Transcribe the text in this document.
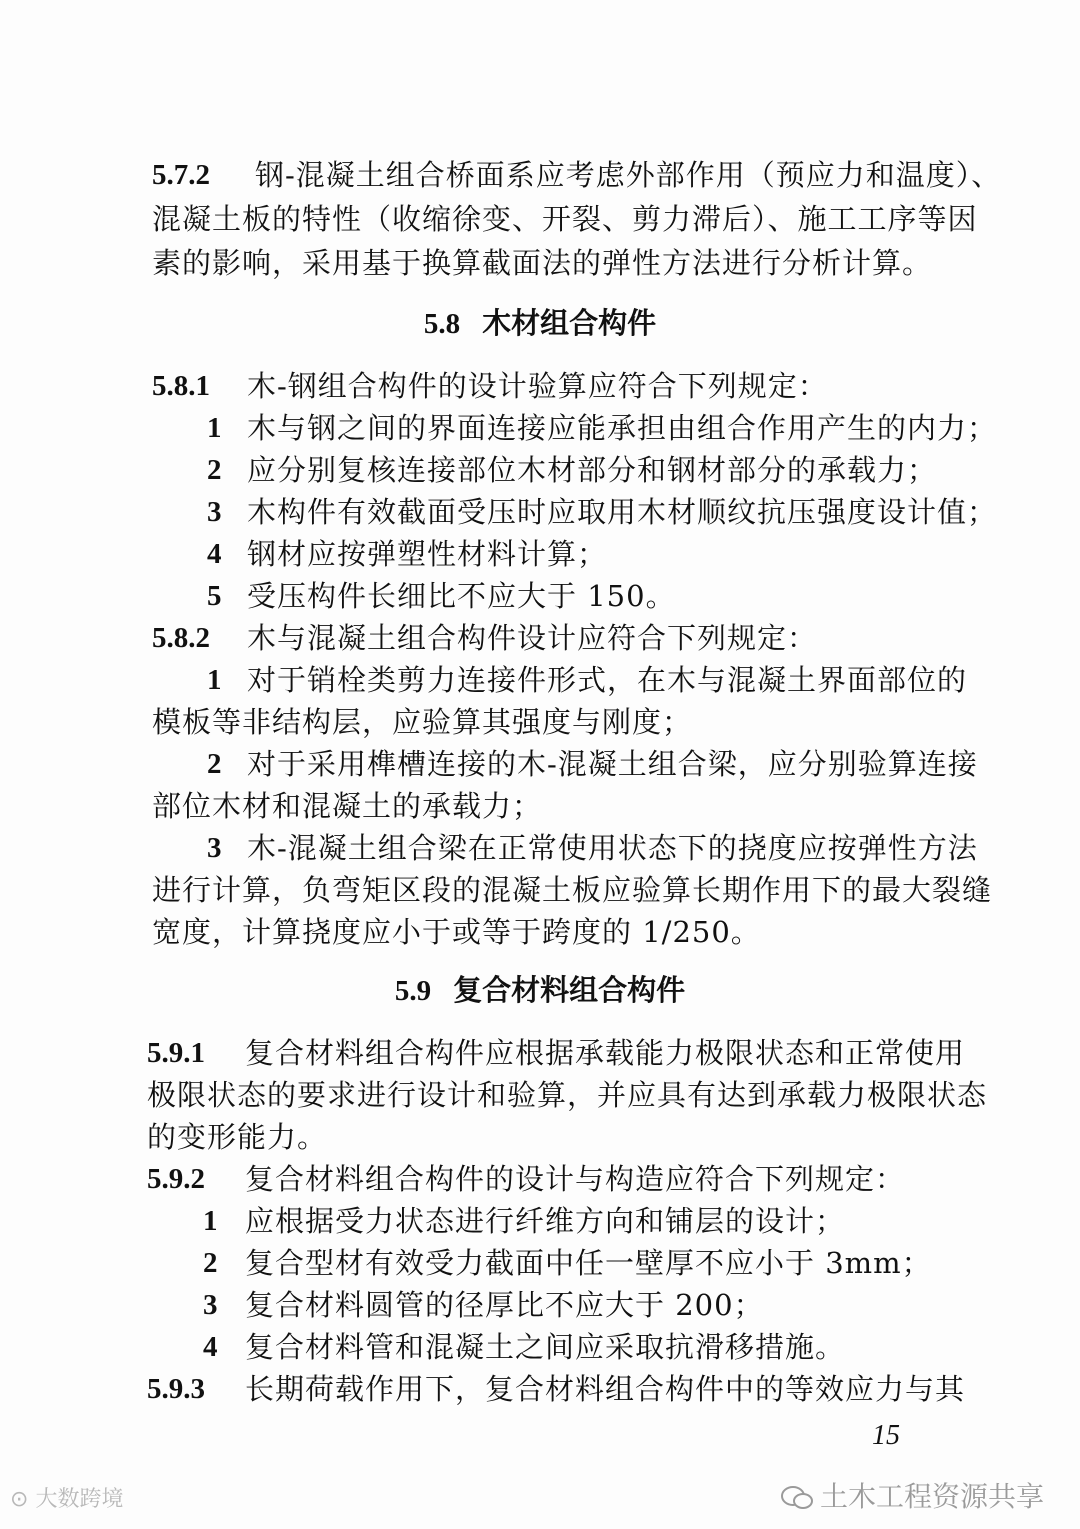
5.7.2 钢-混凝土组合桥面系应考虑外部作用（预应力和温度）、
混凝土板的特性（收缩徐变、开裂、剪力滞后）、施工工序等因
素的影响，采用基于换算截面法的弹性方法进行分析计算。
5.8 木材组合构件
5.8.1 木-钢组合构件的设计验算应符合下列规定：
1 木与钢之间的界面连接应能承担由组合作用产生的内力；
2 应分别复核连接部位木材部分和钢材部分的承载力；
3 木构件有效截面受压时应取用木材顺纹抗压强度设计值；
4 钢材应按弹塑性材料计算；
5 受压构件长细比不应大于 150。
5.8.2 木与混凝土组合构件设计应符合下列规定：
1 对于销栓类剪力连接件形式，在木与混凝土界面部位的
模板等非结构层，应验算其强度与刚度；
2 对于采用榫槽连接的木-混凝土组合梁，应分别验算连接
部位木材和混凝土的承载力；
3 木-混凝土组合梁在正常使用状态下的挠度应按弹性方法
进行计算，负弯矩区段的混凝土板应验算长期作用下的最大裂缝
宽度，计算挠度应小于或等于跨度的 1/250。
5.9 复合材料组合构件
5.9.1 复合材料组合构件应根据承载能力极限状态和正常使用
极限状态的要求进行设计和验算，并应具有达到承载力极限状态
的变形能力。
5.9.2 复合材料组合构件的设计与构造应符合下列规定：
1 应根据受力状态进行纤维方向和铺层的设计；
2 复合型材有效受力截面中任一壁厚不应小于 3mm；
3 复合材料圆管的径厚比不应大于 200；
4 复合材料管和混凝土之间应采取抗滑移措施。
5.9.3 长期荷载作用下，复合材料组合构件中的等效应力与其
15
⊙ 大数跨境	土木工程资源共享
